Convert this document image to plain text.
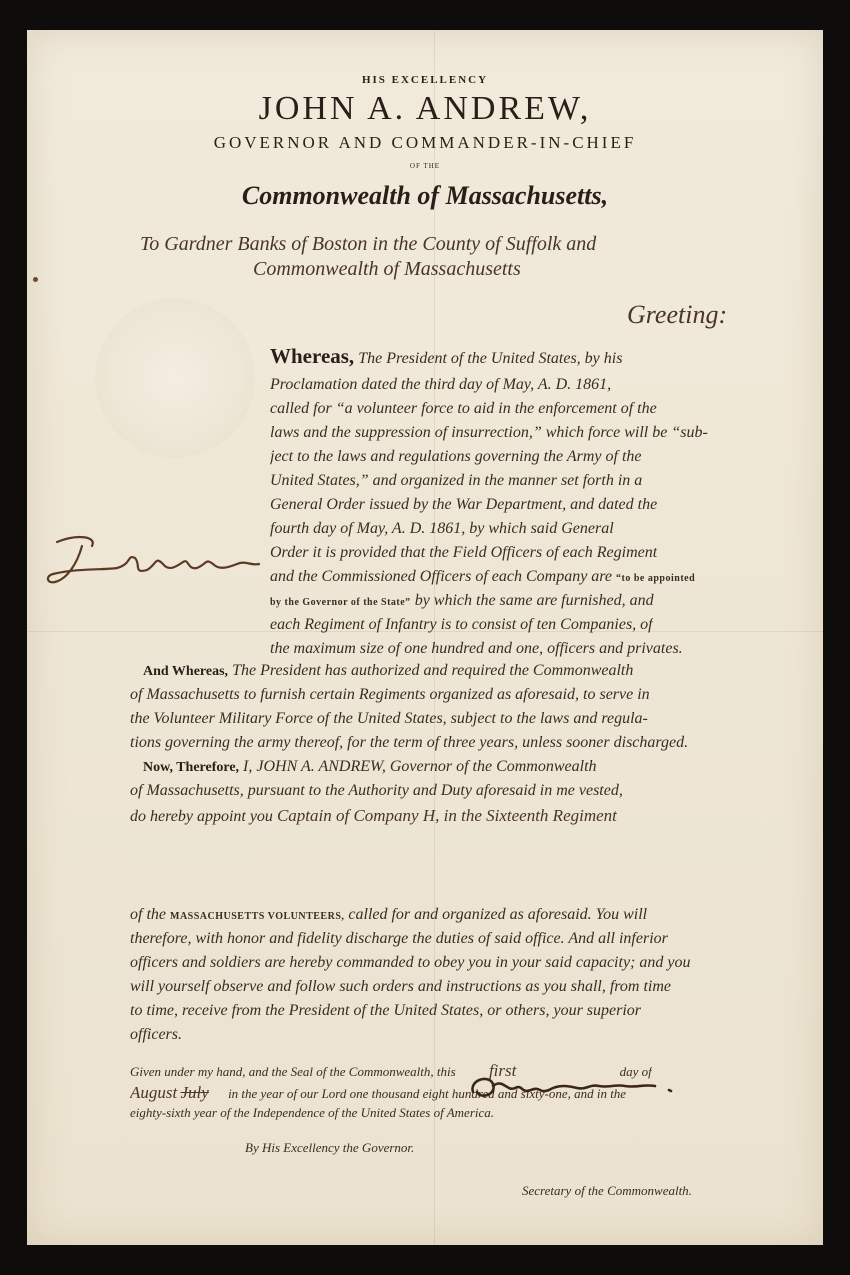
HIS EXCELLENCY
JOHN A. ANDREW,
GOVERNOR AND COMMANDER-IN-CHIEF
OF THE
Commonwealth of Massachusetts,
To Gardner Banks of Boston in the County of Suffolk and
Commonwealth of Massachusetts
Greeting:
Whereas, The President of the United States, by his
Proclamation dated the third day of May, A. D. 1861,
called for “a volunteer force to aid in the enforcement of the
laws and the suppression of insurrection,” which force will be “sub-
ject to the laws and regulations governing the Army of the
United States,” and organized in the manner set forth in a
General Order issued by the War Department, and dated the
fourth day of May, A. D. 1861, by which said General
Order it is provided that the Field Officers of each Regiment
and the Commissioned Officers of each Company are “to be appointed
by the Governor of the State” by which the same are furnished, and
each Regiment of Infantry is to consist of ten Companies, of
the maximum size of one hundred and one, officers and privates.
And Whereas, The President has authorized and required the Commonwealth
of Massachusetts to furnish certain Regiments organized as aforesaid, to serve in
the Volunteer Military Force of the United States, subject to the laws and regula-
tions governing the army thereof, for the term of three years, unless sooner discharged.
Now, Therefore, I, JOHN A. ANDREW, Governor of the Commonwealth
of Massachusetts, pursuant to the Authority and Duty aforesaid in me vested,
do hereby appoint you Captain of Company H, in the Sixteenth Regiment
of the MASSACHUSETTS VOLUNTEERS, called for and organized as aforesaid. You will
therefore, with honor and fidelity discharge the duties of said office. And all inferior
officers and soldiers are hereby commanded to obey you in your said capacity; and you
will yourself observe and follow such orders and instructions as you shall, from time
to time, receive from the President of the United States, or others, your superior
officers.
Given under my hand, and the Seal of the Commonwealth, this first	day of
August July in the year of our Lord one thousand eight hundred and sixty-one, and in the
eighty-sixth year of the Independence of the United States of America.
By His Excellency the Governor.
Secretary of the Commonwealth.
